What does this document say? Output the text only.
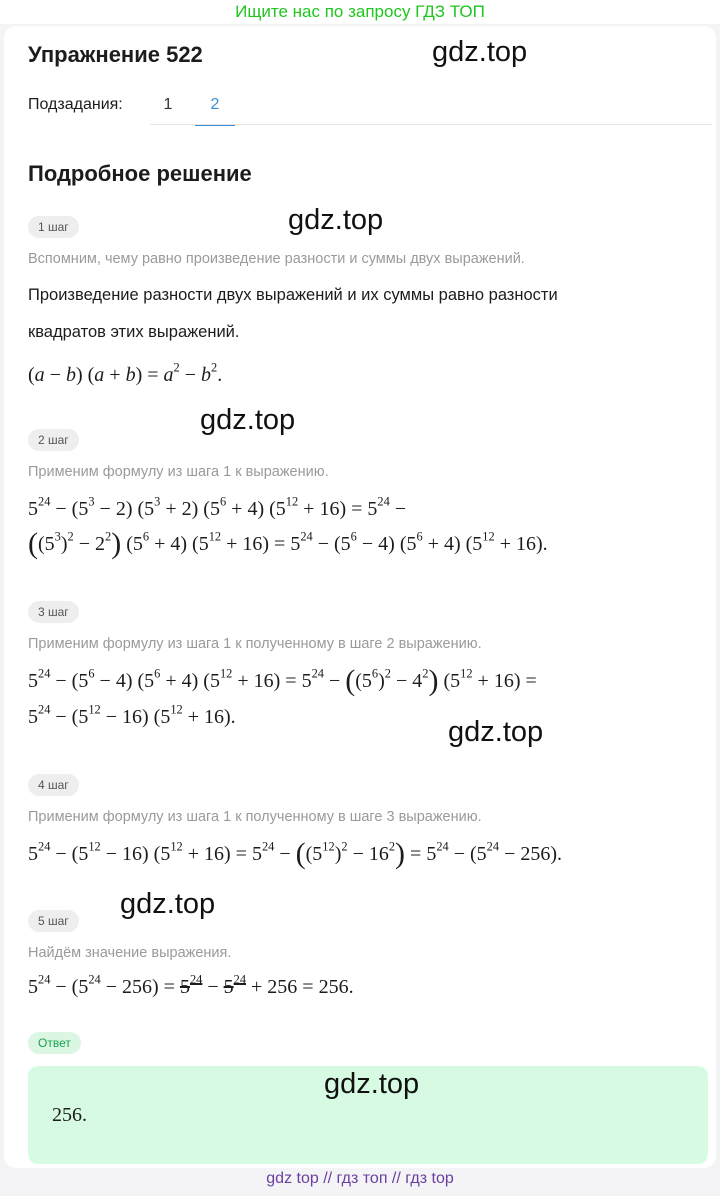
Ищите нас по запросу ГДЗ ТОП
Упражнение 522	gdz.top
Подзадания:	1	2
Подробное решение
1 шаг	gdz.top
Вспомним, чему равно произведение разности и суммы двух выражений.
Произведение разности двух выражений и их суммы равно разности
квадратов этих выражений.
(a − b) $(a + b) = a^2 - b^2$.
gdz.top
2 шаг
Применим формулу из шага 1 к выражению.
$5^{24} - (5^3 - 2) (5^3 + 2) (5^6 + 4) (5^{12} + 16) = 5^{24}$ −
$((5^3)^2 - 2^2) (5^6 + 4) (5^{12} + 16) = 5^{24} - (5^6 - 4) (5^6 + 4) (5^{12} + 16)$.
3 шаг
Применим формулу из шага 1 к полученному в шаге 2 выражению.
$5^{24} - (5^6 - 4) (5^6 + 4) (5^{12} + 16) = 5^{24} - ((5^6)^2 - 4^2) (5^{12} + 16)$ =
$5^{24} - (5^{12} - 16) (5^{12} + 16)$.	gdz.top
4 шаг
Применим формулу из шага 1 к полученному в шаге 3 выражению.
$5^{24} - (5^{12} - 16) (5^{12} + 16) = 5^{24} - ((5^{12})^2 - 16^2) = 5^{24} - (5^{24} - 256)$.
gdz.top
5 шаг
Найдём значение выражения.
$5^{24} - (5^{24} - 256) = 5^{24} - 5^{24} + 256 = 256$.
Ответ
256.
gdz.top
gdz top // гдз топ // гдз top
